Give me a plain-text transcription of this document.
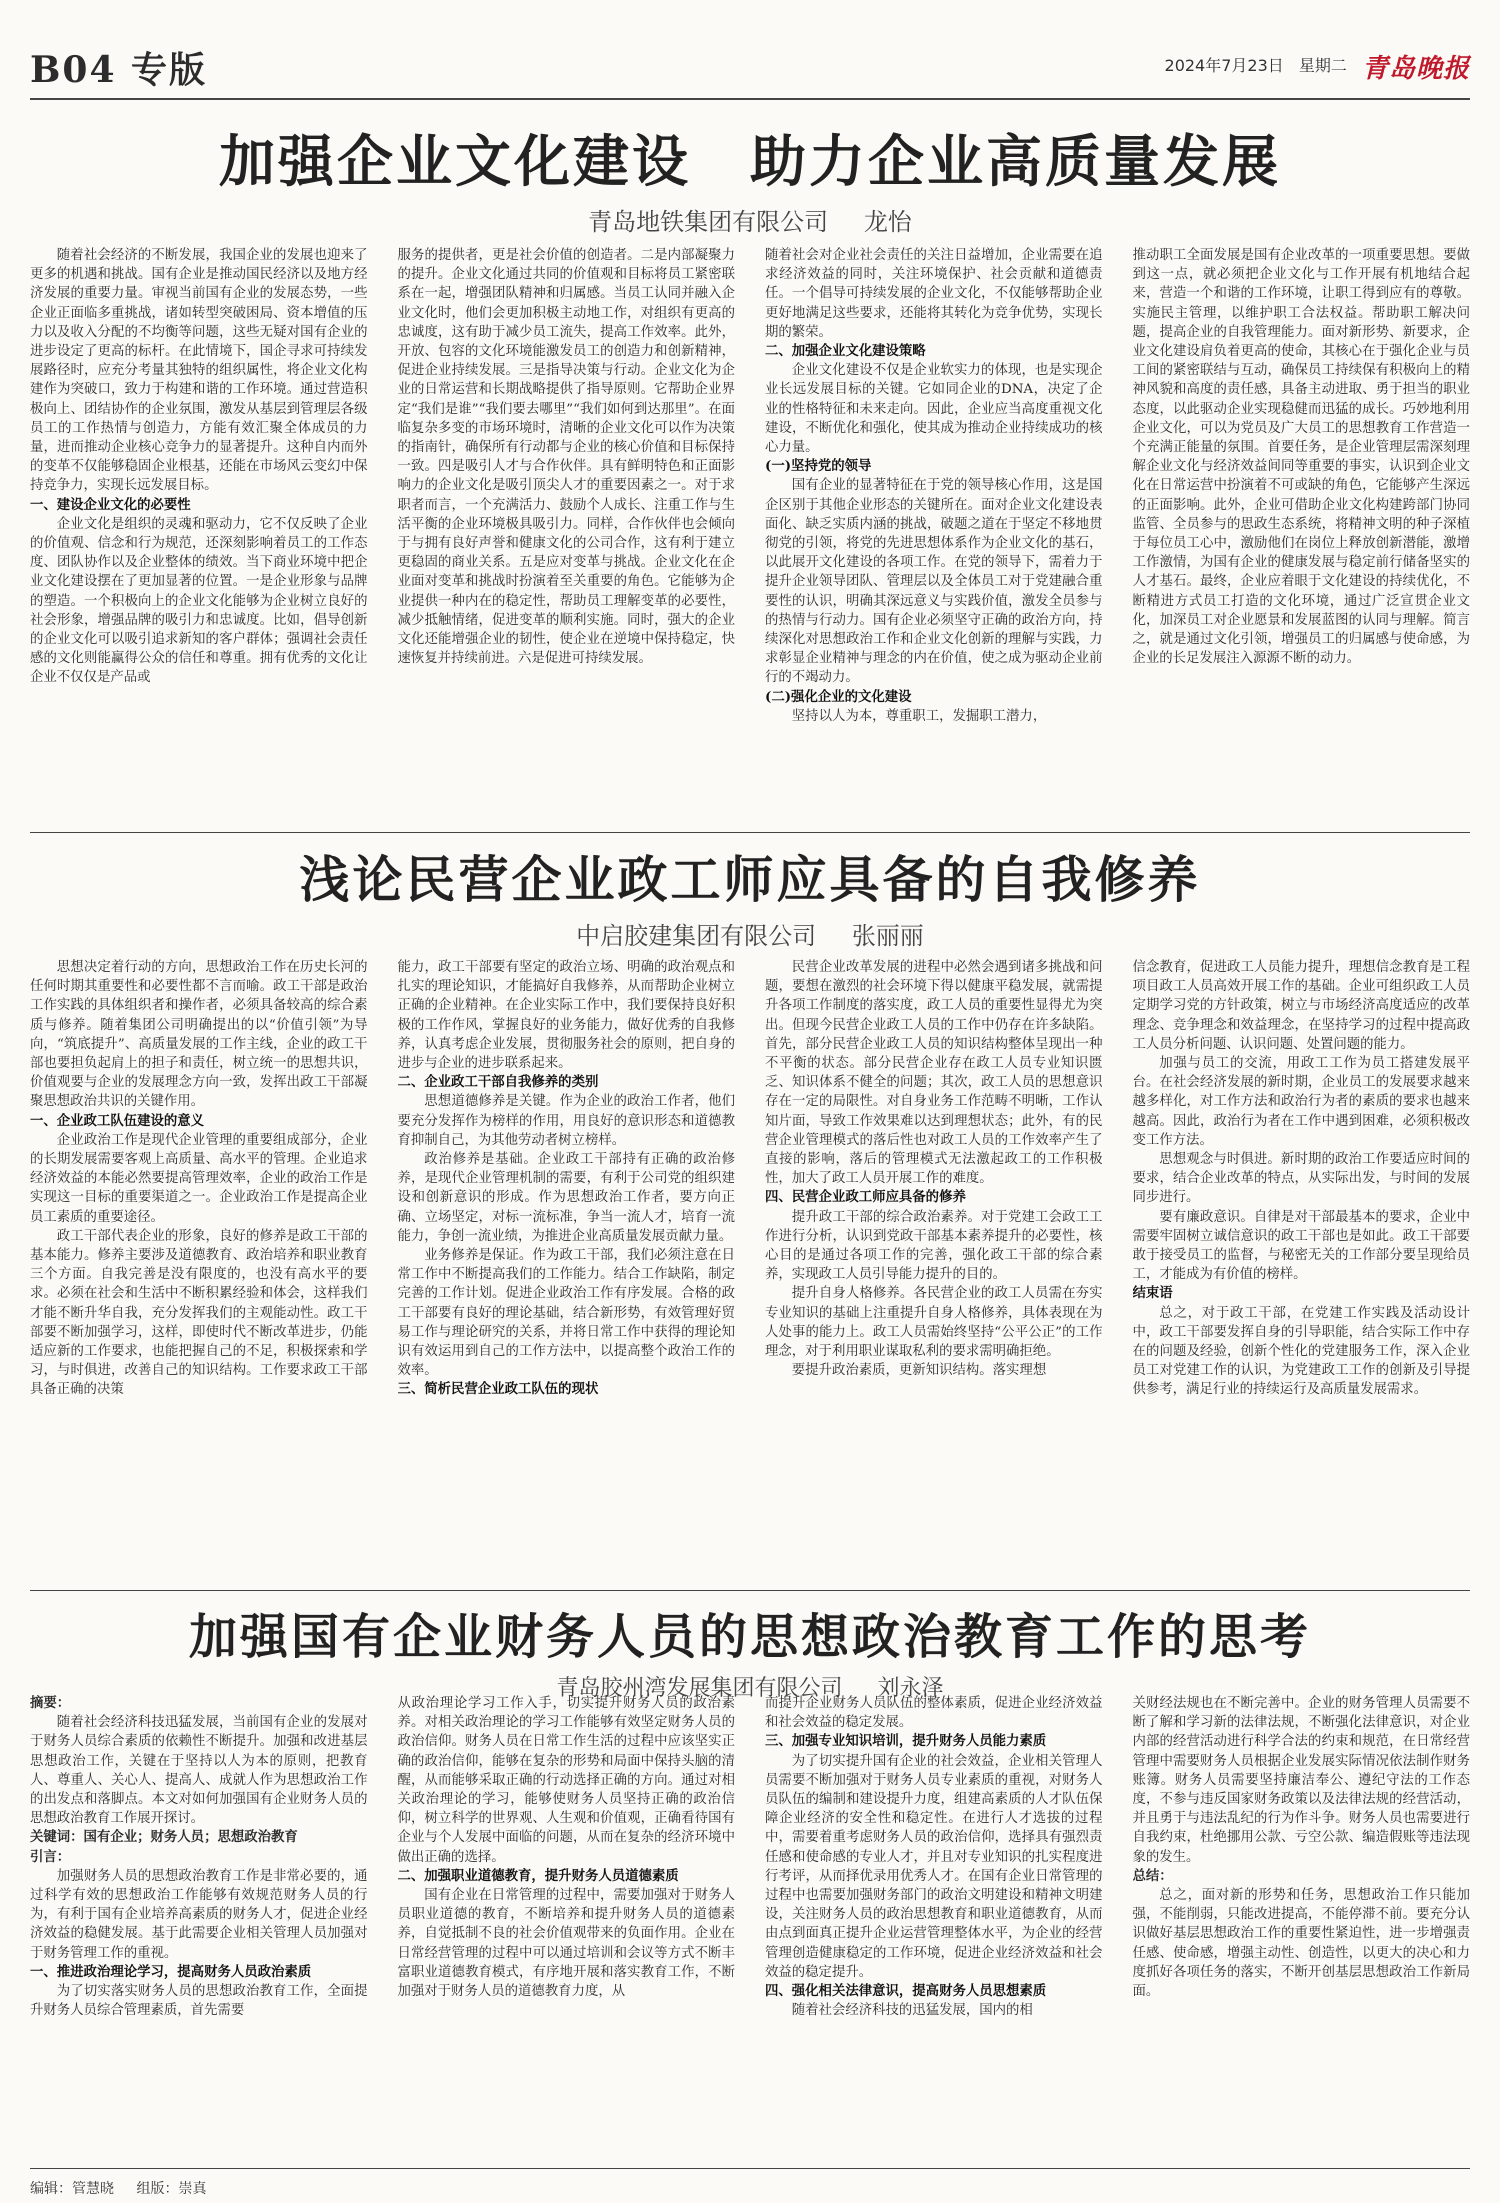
B04 专版	2024年7月23日 星期二 青岛晚报
加强企业文化建设　助力企业高质量发展

青岛地铁集团有限公司 龙怡

随着社会经济的不断发展，我国企业的发展也迎来了更多的机遇和挑战。国有企业是推动国民经济以及地方经济发展的重要力量。审视当前国有企业的发展态势，一些企业正面临多重挑战，诸如转型突破困局、资本增值的压力以及收入分配的不均衡等问题，这些无疑对国有企业的进步设定了更高的标杆。在此情境下，国企寻求可持续发展路径时，应充分考量其独特的组织属性，将企业文化构建作为突破口，致力于构建和谐的工作环境。通过营造积极向上、团结协作的企业氛围，激发从基层到管理层各级员工的工作热情与创造力，方能有效汇聚全体成员的力量，进而推动企业核心竞争力的显著提升。这种自内而外的变革不仅能够稳固企业根基，还能在市场风云变幻中保持竞争力，实现长远发展目标。

一、建设企业文化的必要性

企业文化是组织的灵魂和驱动力，它不仅反映了企业的价值观、信念和行为规范，还深刻影响着员工的工作态度、团队协作以及企业整体的绩效。当下商业环境中把企业文化建设摆在了更加显著的位置。一是企业形象与品牌的塑造。一个积极向上的企业文化能够为企业树立良好的社会形象，增强品牌的吸引力和忠诚度。比如，倡导创新的企业文化可以吸引追求新知的客户群体；强调社会责任感的文化则能赢得公众的信任和尊重。拥有优秀的文化让企业不仅仅是产品或

服务的提供者，更是社会价值的创造者。二是内部凝聚力的提升。企业文化通过共同的价值观和目标将员工紧密联系在一起，增强团队精神和归属感。当员工认同并融入企业文化时，他们会更加积极主动地工作，对组织有更高的忠诚度，这有助于减少员工流失，提高工作效率。此外，开放、包容的文化环境能激发员工的创造力和创新精神，促进企业持续发展。三是指导决策与行动。企业文化为企业的日常运营和长期战略提供了指导原则。它帮助企业界定“我们是谁”“我们要去哪里”“我们如何到达那里”。在面临复杂多变的市场环境时，清晰的企业文化可以作为决策的指南针，确保所有行动都与企业的核心价值和目标保持一致。四是吸引人才与合作伙伴。具有鲜明特色和正面影响力的企业文化是吸引顶尖人才的重要因素之一。对于求职者而言，一个充满活力、鼓励个人成长、注重工作与生活平衡的企业环境极具吸引力。同样，合作伙伴也会倾向于与拥有良好声誉和健康文化的公司合作，这有利于建立更稳固的商业关系。五是应对变革与挑战。企业文化在企业面对变革和挑战时扮演着至关重要的角色。它能够为企业提供一种内在的稳定性，帮助员工理解变革的必要性，减少抵触情绪，促进变革的顺利实施。同时，强大的企业文化还能增强企业的韧性，使企业在逆境中保持稳定，快速恢复并持续前进。六是促进可持续发展。

随着社会对企业社会责任的关注日益增加，企业需要在追求经济效益的同时，关注环境保护、社会贡献和道德责任。一个倡导可持续发展的企业文化，不仅能够帮助企业更好地满足这些要求，还能将其转化为竞争优势，实现长期的繁荣。

二、加强企业文化建设策略

企业文化建设不仅是企业软实力的体现，也是实现企业长远发展目标的关键。它如同企业的DNA，决定了企业的性格特征和未来走向。因此，企业应当高度重视文化建设，不断优化和强化，使其成为推动企业持续成功的核心力量。

(一)坚持党的领导

国有企业的显著特征在于党的领导核心作用，这是国企区别于其他企业形态的关键所在。面对企业文化建设表面化、缺乏实质内涵的挑战，破题之道在于坚定不移地贯彻党的引领，将党的先进思想体系作为企业文化的基石，以此展开文化建设的各项工作。在党的领导下，需着力于提升企业领导团队、管理层以及全体员工对于党建融合重要性的认识，明确其深远意义与实践价值，激发全员参与的热情与行动力。国有企业必须坚守正确的政治方向，持续深化对思想政治工作和企业文化创新的理解与实践，力求彰显企业精神与理念的内在价值，使之成为驱动企业前行的不竭动力。

(二)强化企业的文化建设

坚持以人为本，尊重职工，发掘职工潜力，

推动职工全面发展是国有企业改革的一项重要思想。要做到这一点，就必须把企业文化与工作开展有机地结合起来，营造一个和谐的工作环境，让职工得到应有的尊敬。实施民主管理，以维护职工合法权益。帮助职工解决问题，提高企业的自我管理能力。面对新形势、新要求，企业文化建设肩负着更高的使命，其核心在于强化企业与员工间的紧密联结与互动，确保员工持续保有积极向上的精神风貌和高度的责任感，具备主动进取、勇于担当的职业态度，以此驱动企业实现稳健而迅猛的成长。巧妙地利用企业文化，可以为党员及广大员工的思想教育工作营造一个充满正能量的氛围。首要任务，是企业管理层需深刻理解企业文化与经济效益间同等重要的事实，认识到企业文化在日常运营中扮演着不可或缺的角色，它能够产生深远的正面影响。此外，企业可借助企业文化构建跨部门协同监管、全员参与的思政生态系统，将精神文明的种子深植于每位员工心中，激励他们在岗位上释放创新潜能，激增工作激情，为国有企业的健康发展与稳定前行储备坚实的人才基石。最终，企业应着眼于文化建设的持续优化，不断精进方式员工打造的文化环境，通过广泛宣贯企业文化，加深员工对企业愿景和发展蓝图的认同与理解。简言之，就是通过文化引领，增强员工的归属感与使命感，为企业的长足发展注入源源不断的动力。

浅论民营企业政工师应具备的自我修养

中启胶建集团有限公司 张丽丽

思想决定着行动的方向，思想政治工作在历史长河的任何时期其重要性和必要性都不言而喻。政工干部是政治工作实践的具体组织者和操作者，必须具备较高的综合素质与修养。随着集团公司明确提出的以“价值引领”为导向，“筑底提升”、高质量发展的工作主线，企业的政工干部也要担负起肩上的担子和责任，树立统一的思想共识，价值观要与企业的发展理念方向一致，发挥出政工干部凝聚思想政治共识的关键作用。

一、企业政工队伍建设的意义

企业政治工作是现代企业管理的重要组成部分，企业的长期发展需要客观上高质量、高水平的管理。企业追求经济效益的本能必然要提高管理效率，企业的政治工作是实现这一目标的重要渠道之一。企业政治工作是提高企业员工素质的重要途径。

政工干部代表企业的形象，良好的修养是政工干部的基本能力。修养主要涉及道德教育、政治培养和职业教育三个方面。自我完善是没有限度的，也没有高水平的要求。必须在社会和生活中不断积累经验和体会，这样我们才能不断升华自我，充分发挥我们的主观能动性。政工干部要不断加强学习，这样，即使时代不断改革进步，仍能适应新的工作要求，也能把握自己的不足，积极探索和学习，与时俱进，改善自己的知识结构。工作要求政工干部具备正确的决策

能力，政工干部要有坚定的政治立场、明确的政治观点和扎实的理论知识，才能搞好自我修养，从而帮助企业树立正确的企业精神。在企业实际工作中，我们要保持良好积极的工作作风，掌握良好的业务能力，做好优秀的自我修养，认真考虑企业发展，贯彻服务社会的原则，把自身的进步与企业的进步联系起来。

二、企业政工干部自我修养的类别

思想道德修养是关键。作为企业的政治工作者，他们要充分发挥作为榜样的作用，用良好的意识形态和道德教育抑制自己，为其他劳动者树立榜样。

政治修养是基础。企业政工干部持有正确的政治修养，是现代企业管理机制的需要，有利于公司党的组织建设和创新意识的形成。作为思想政治工作者，要方向正确、立场坚定，对标一流标准，争当一流人才，培育一流能力，争创一流业绩，为推进企业高质量发展贡献力量。

业务修养是保证。作为政工干部，我们必须注意在日常工作中不断提高我们的工作能力。结合工作缺陷，制定完善的工作计划。促进企业政治工作有序发展。合格的政工干部要有良好的理论基础，结合新形势，有效管理好贸易工作与理论研究的关系，并将日常工作中获得的理论知识有效运用到自己的工作方法中，以提高整个政治工作的效率。

三、简析民营企业政工队伍的现状

民营企业改革发展的进程中必然会遇到诸多挑战和问题，要想在激烈的社会环境下得以健康平稳发展，就需提升各项工作制度的落实度，政工人员的重要性显得尤为突出。但现今民营企业政工人员的工作中仍存在许多缺陷。首先，部分民营企业政工人员的知识结构整体呈现出一种不平衡的状态。部分民营企业存在政工人员专业知识匮乏、知识体系不健全的问题；其次，政工人员的思想意识存在一定的局限性。对自身业务工作范畴不明晰，工作认知片面，导致工作效果难以达到理想状态；此外，有的民营企业管理模式的落后性也对政工人员的工作效率产生了直接的影响，落后的管理模式无法激起政工的工作积极性，加大了政工人员开展工作的难度。

四、民营企业政工师应具备的修养

提升政工干部的综合政治素养。对于党建工会政工工作进行分析，认识到党政干部基本素养提升的必要性，核心目的是通过各项工作的完善，强化政工干部的综合素养，实现政工人员引导能力提升的目的。

提升自身人格修养。各民营企业的政工人员需在夯实专业知识的基础上注重提升自身人格修养，具体表现在为人处事的能力上。政工人员需始终坚持“公平公正”的工作理念，对于利用职业谋取私利的要求需明确拒绝。

要提升政治素质，更新知识结构。落实理想

信念教育，促进政工人员能力提升，理想信念教育是工程项目政工人员高效开展工作的基础。企业可组织政工人员定期学习党的方针政策，树立与市场经济高度适应的改革理念、竞争理念和效益理念，在坚持学习的过程中提高政工人员分析问题、认识问题、处置问题的能力。

加强与员工的交流，用政工工作为员工搭建发展平台。在社会经济发展的新时期，企业员工的发展要求越来越多样化，对工作方法和政治行为者的素质的要求也越来越高。因此，政治行为者在工作中遇到困难，必须积极改变工作方法。

思想观念与时俱进。新时期的政治工作要适应时间的要求，结合企业改革的特点，从实际出发，与时间的发展同步进行。

要有廉政意识。自律是对干部最基本的要求，企业中需要牢固树立诚信意识的政工干部也是如此。政工干部要敢于接受员工的监督，与秘密无关的工作部分要呈现给员工，才能成为有价值的榜样。

结束语

总之，对于政工干部，在党建工作实践及活动设计中，政工干部要发挥自身的引导职能，结合实际工作中存在的问题及经验，创新个性化的党建服务工作，深入企业员工对党建工作的认识，为党建政工工作的创新及引导提供参考，满足行业的持续运行及高质量发展需求。

加强国有企业财务人员的思想政治教育工作的思考

青岛胶州湾发展集团有限公司 刘永泽

摘要：

随着社会经济科技迅猛发展，当前国有企业的发展对于财务人员综合素质的依赖性不断提升。加强和改进基层思想政治工作，关键在于坚持以人为本的原则，把教育人、尊重人、关心人、提高人、成就人作为思想政治工作的出发点和落脚点。本文对如何加强国有企业财务人员的思想政治教育工作展开探讨。

关键词：国有企业；财务人员；思想政治教育

引言：

加强财务人员的思想政治教育工作是非常必要的，通过科学有效的思想政治工作能够有效规范财务人员的行为，有利于国有企业培养高素质的财务人才，促进企业经济效益的稳健发展。基于此需要企业相关管理人员加强对于财务管理工作的重视。

一、推进政治理论学习，提高财务人员政治素质

为了切实落实财务人员的思想政治教育工作，全面提升财务人员综合管理素质，首先需要

从政治理论学习工作入手，切实提升财务人员的政治素养。对相关政治理论的学习工作能够有效坚定财务人员的政治信仰。财务人员在日常工作生活的过程中应该坚实正确的政治信仰，能够在复杂的形势和局面中保持头脑的清醒，从而能够采取正确的行动选择正确的方向。通过对相关政治理论的学习，能够使财务人员坚持正确的政治信仰，树立科学的世界观、人生观和价值观，正确看待国有企业与个人发展中面临的问题，从而在复杂的经济环境中做出正确的选择。

二、加强职业道德教育，提升财务人员道德素质

国有企业在日常管理的过程中，需要加强对于财务人员职业道德的教育，不断培养和提升财务人员的道德素养，自觉抵制不良的社会价值观带来的负面作用。企业在日常经营管理的过程中可以通过培训和会议等方式不断丰富职业道德教育模式，有序地开展和落实教育工作，不断加强对于财务人员的道德教育力度，从

而提升企业财务人员队伍的整体素质，促进企业经济效益和社会效益的稳定发展。

三、加强专业知识培训，提升财务人员能力素质

为了切实提升国有企业的社会效益，企业相关管理人员需要不断加强对于财务人员专业素质的重视，对财务人员队伍的编制和建设提升力度，组建高素质的人才队伍保障企业经济的安全性和稳定性。在进行人才选拔的过程中，需要着重考虑财务人员的政治信仰，选择具有强烈责任感和使命感的专业人才，并且对专业知识的扎实程度进行考评，从而择优录用优秀人才。在国有企业日常管理的过程中也需要加强财务部门的政治文明建设和精神文明建设，关注财务人员的政治思想教育和职业道德教育，从而由点到面真正提升企业运营管理整体水平，为企业的经营管理创造健康稳定的工作环境，促进企业经济效益和社会效益的稳定提升。

四、强化相关法律意识，提高财务人员思想素质

随着社会经济科技的迅猛发展，国内的相

关财经法规也在不断完善中。企业的财务管理人员需要不断了解和学习新的法律法规，不断强化法律意识，对企业内部的经营活动进行科学合法的约束和规范，在日常经营管理中需要财务人员根据企业发展实际情况依法制作财务账簿。财务人员需要坚持廉洁奉公、遵纪守法的工作态度，不参与违反国家财务政策以及法律法规的经营活动，并且勇于与违法乱纪的行为作斗争。财务人员也需要进行自我约束，杜绝挪用公款、亏空公款、编造假账等违法现象的发生。

总结：

总之，面对新的形势和任务，思想政治工作只能加强，不能削弱，只能改进提高，不能停滞不前。要充分认识做好基层思想政治工作的重要性紧迫性，进一步增强责任感、使命感，增强主动性、创造性，以更大的决心和力度抓好各项任务的落实，不断开创基层思想政治工作新局面。

编辑：管慧晓 组版：崇真
